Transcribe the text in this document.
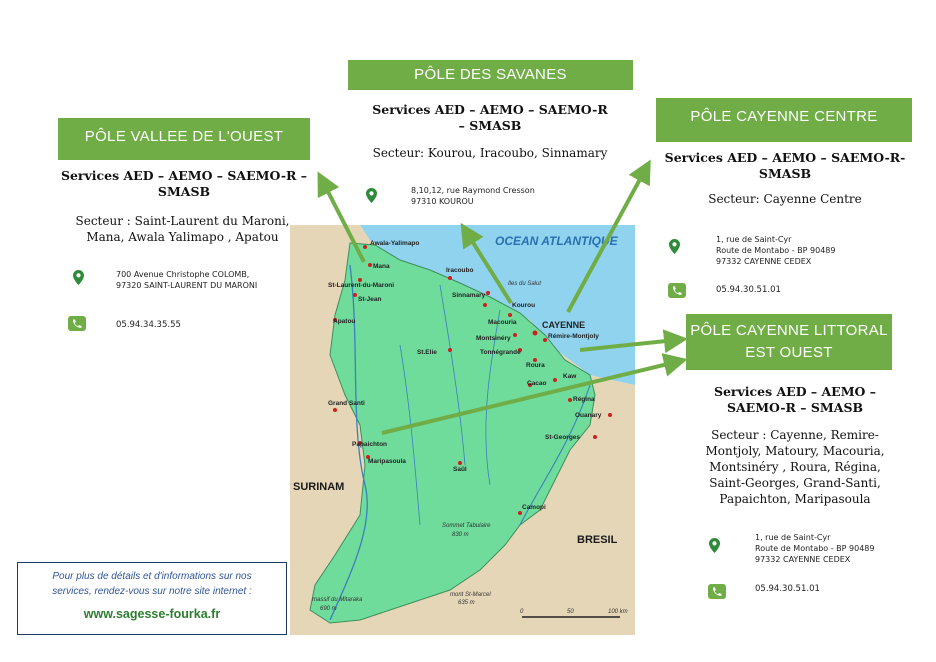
OCEAN ATLANTIQUE
SURINAM
BRESIL
Awala-Yalimapo
Mana
St-Laurent-du-Maroni
St-Jean
Apatou
Iracoubo
Iles du Salut
Sinnamary
Kourou
Macouria	CAYENNE
Rémire-Montjoly
Montsinéry
Tonnégrande
Roura
St.Elie
Cacao
Kaw
Régina
Ouanary
Grand Santi
Papaichton
Maripasoula
St-Georges
Saül
Camopi
Sommet Tabulaire
830 m
mont St-Marcel
635 m
massif du Mitaraka
690 m	0	50	100 km
PÔLE DES SAVANES
Services AED – AEMO – SAEMO-R – SMASB
Secteur: Kourou, Iracoubo, Sinnamary
8,10,12, rue Raymond Cresson
97310 KOUROU
PÔLE VALLEE DE L'OUEST
Services AED – AEMO – SAEMO-R – SMASB
Secteur : Saint-Laurent du Maroni, Mana, Awala Yalimapo , Apatou
700 Avenue Christophe COLOMB,
97320 SAINT-LAURENT DU MARONI
05.94.34.35.55
PÔLE CAYENNE CENTRE
Services AED – AEMO – SAEMO-R- SMASB
Secteur: Cayenne Centre
1, rue de Saint-Cyr
Route de Montabo - BP 90489
97332 CAYENNE CEDEX
05.94.30.51.01
PÔLE CAYENNE LITTORAL
EST OUEST
Services AED – AEMO – SAEMO-R – SMASB
Secteur : Cayenne, Remire-Montjoly, Matoury, Macouria, Montsinéry , Roura, Régina, Saint-Georges, Grand-Santi, Papaichton, Maripasoula
1, rue de Saint-Cyr
Route de Montabo - BP 90489
97332 CAYENNE CEDEX
05.94.30.51.01
Pour plus de détails et d'informations sur nos
services, rendez-vous sur notre site internet :
www.sagesse-fourka.fr
